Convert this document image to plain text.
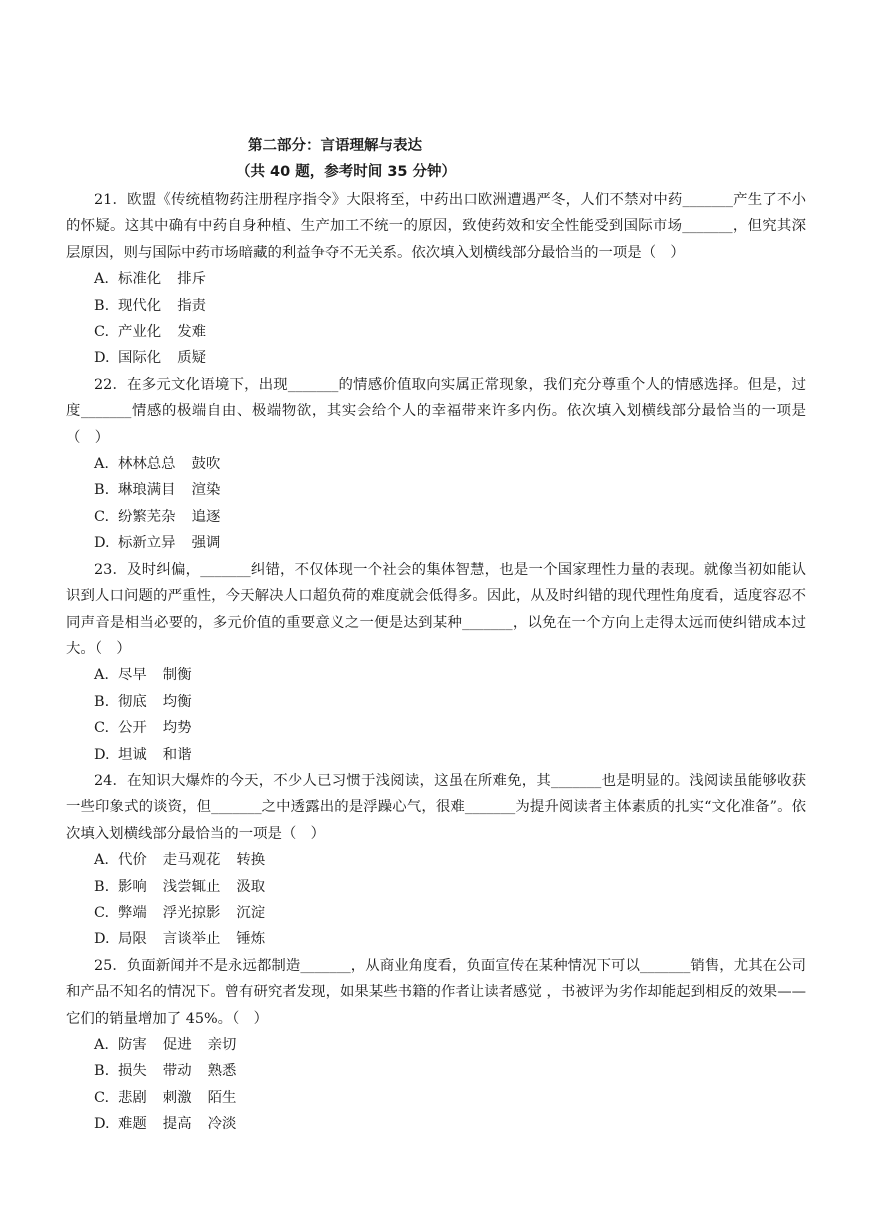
第二部分：言语理解与表达
（共 40 题，参考时间 35 分钟）

21．欧盟《传统植物药注册程序指令》大限将至，中药出口欧洲遭遇严冬，人们不禁对中药_______产生了不小的怀疑。这其中确有中药自身种植、生产加工不统一的原因，致使药效和安全性能受到国际市场_______，但究其深层原因，则与国际中药市场暗藏的利益争夺不无关系。依次填入划横线部分最恰当的一项是（　）

A. 标准化 排斥
B. 现代化 指责
C. 产业化 发难
D. 国际化 质疑

22．在多元文化语境下，出现_______的情感价值取向实属正常现象，我们充分尊重个人的情感选择。但是，过度_______情感的极端自由、极端物欲，其实会给个人的幸福带来许多内伤。依次填入划横线部分最恰当的一项是（　）

A. 林林总总 鼓吹
B. 琳琅满目 渲染
C. 纷繁芜杂 追逐
D. 标新立异 强调

23．及时纠偏，_______纠错，不仅体现一个社会的集体智慧，也是一个国家理性力量的表现。就像当初如能认识到人口问题的严重性，今天解决人口超负荷的难度就会低得多。因此，从及时纠错的现代理性角度看，适度容忍不同声音是相当必要的，多元价值的重要意义之一便是达到某种_______，以免在一个方向上走得太远而使纠错成本过大。（　）

A. 尽早 制衡
B. 彻底 均衡
C. 公开 均势
D. 坦诚 和谐

24．在知识大爆炸的今天，不少人已习惯于浅阅读，这虽在所难免，其_______也是明显的。浅阅读虽能够收获一些印象式的谈资，但_______之中透露出的是浮躁心气，很难_______为提升阅读者主体素质的扎实“文化准备”。依次填入划横线部分最恰当的一项是（　）

A. 代价 走马观花 转换
B. 影响 浅尝辄止 汲取
C. 弊端 浮光掠影 沉淀
D. 局限 言谈举止 锤炼

25．负面新闻并不是永远都制造_______，从商业角度看，负面宣传在某种情况下可以_______销售，尤其在公司和产品不知名的情况下。曾有研究者发现，如果某些书籍的作者让读者感觉 ，书被评为劣作却能起到相反的效果——它们的销量增加了 45%。（　）

A. 防害 促进 亲切
B. 损失 带动 熟悉
C. 悲剧 刺激 陌生
D. 难题 提高 冷淡
